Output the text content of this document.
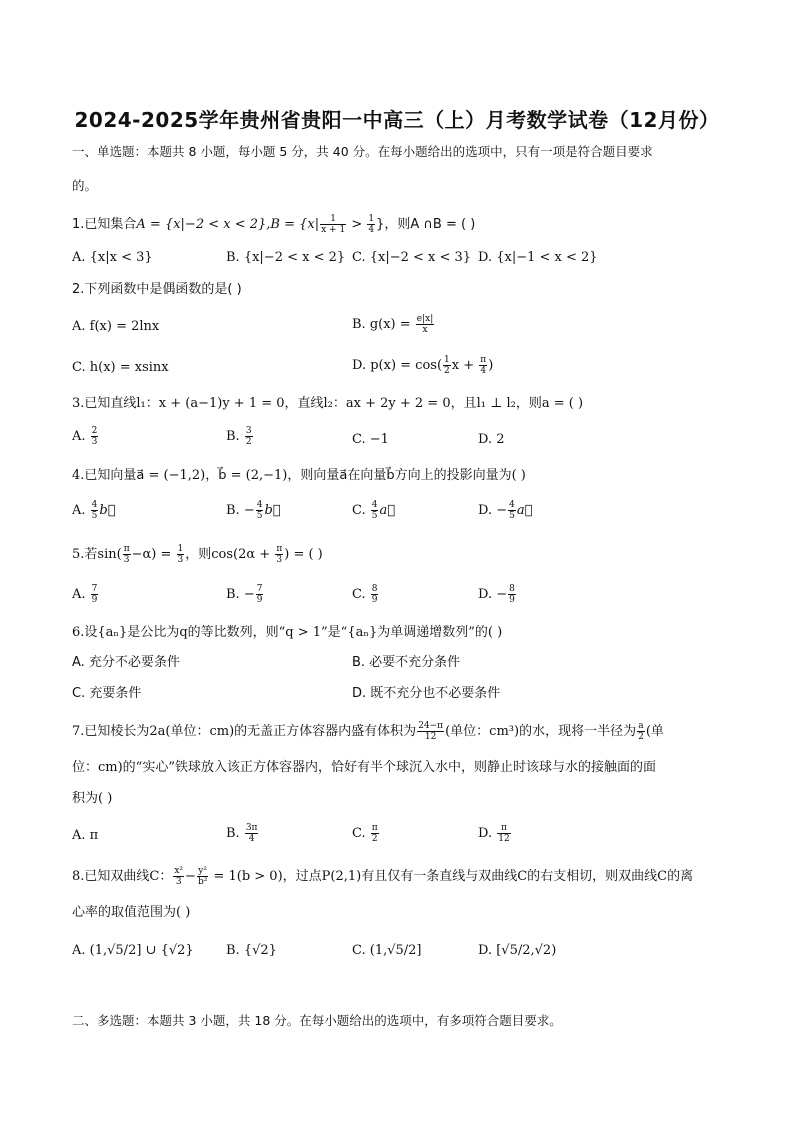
2024-2025学年贵州省贵阳一中高三（上）月考数学试卷（12月份）
一、单选题：本题共 8 小题，每小题 5 分，共 40 分。在每小题给出的选项中，只有一项是符合题目要求
的。
1.已知集合$A = \{x|-2 < x < 2\},B = \{x| \frac{1}{x + 1} > \frac{1}{4}$ }，则A ∩B = ( )
A. {x|x < 3}	B. {x|−2 < x < 2} C. {x|−2 < x < 3} D. {x|−1 < x < 2}
2.下列函数中是偶函数的是( )
A. f(x) = 2lnx	B. $g(x) = \frac{e|x|}{x}$
C. h(x) = xsinx	D. $p(x) = \cos( \frac{1}{2}$ $x + \frac{\pi}{4}$ )
3.已知直线l₁：x + (a−1)y + 1 = 0，直线l₂：ax + 2y + 2 = 0，且l₁ ⊥ l₂，则a = ( )
A. $\frac{2}{3}$	B. $\frac{3}{2}$	C. −1	D. 2
4.已知向量a⃗ = (−1,2)，b⃗ = (2,−1)，则向量a⃗在向量b⃗方向上的投影向量为( )
A. $\frac{4}{5}$ b⃗	B. − $\frac{4}{5}$ b⃗	C. $\frac{4}{5}$ a⃗	D. − $\frac{4}{5}$ a⃗
5.若$\sin( \frac{\pi}{3} -\alpha) = \frac{1}{3}$ ，则$\cos(2\alpha + \frac{\pi}{3}$ ) = ( )
A. $\frac{7}{9}$	B. − $\frac{7}{9}$	C. $\frac{8}{9}$	D. − $\frac{8}{9}$
6.设{aₙ}是公比为q的等比数列，则“q > 1”是“{aₙ}为单调递增数列”的( )
A. 充分不必要条件	B. 必要不充分条件
C. 充要条件	D. 既不充分也不必要条件
7.已知棱长为2a(单位：cm)的无盖正方体容器内盛有体积为 $\frac{24-\pi}{12}$ (单位：cm³)的水，现将一半径为 $\frac{a}{2}$ (单
位：cm)的“实心”铁球放入该正方体容器内，恰好有半个球沉入水中，则静止时该球与水的接触面的面
积为( )
A. π	B. $\frac{3\pi}{4}$	C. $\frac{\pi}{2}$	D. $\frac{\pi}{12}$
8.已知双曲线C： $\frac{\text{x²}}{3} - \frac{\text{y²}}{\text{b²}} = 1(b > 0)$，过点P(2,1)有且仅有一条直线与双曲线C的右支相切，则双曲线C的离
心率的取值范围为( )
A. (1,√5/2] ∪ {√2} B. {√2}	C. (1,√5/2]	D. [√5/2,√2)
二、多选题：本题共 3 小题，共 18 分。在每小题给出的选项中，有多项符合题目要求。
